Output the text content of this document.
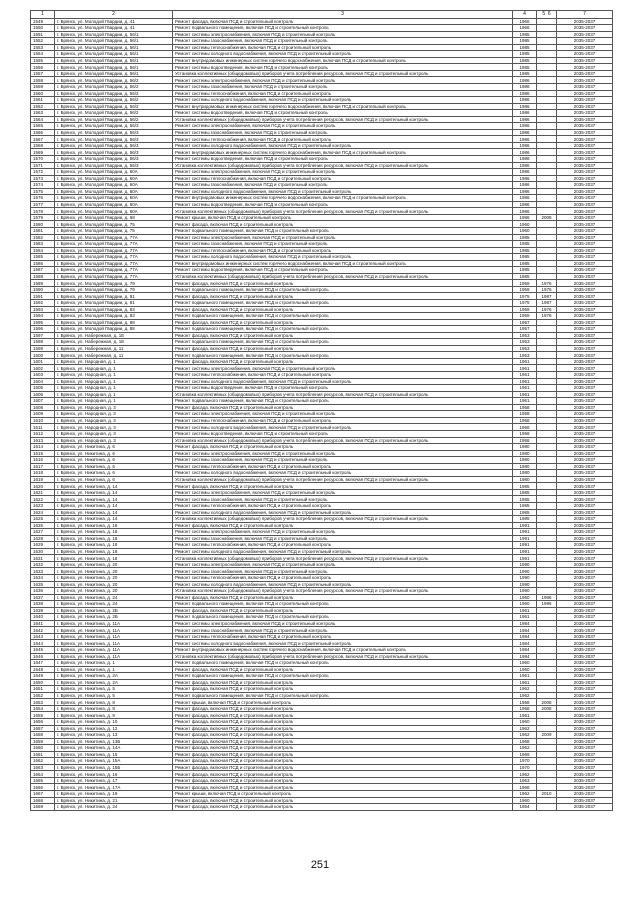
1	2	3	4	5 6	7
1549	г. Брянск, ул. Молодой Гвардии, д. 41	Ремонт фасада, включая ПСД и строительный контроль	1966		2035-2037
1550	г. Брянск, ул. Молодой Гвардии, д. 41	Ремонт подвального помещения, включая ПСД и строительный контроль	1966		2035-2037
1551	г. Брянск, ул. Молодой Гвардии, д. 56/1	Ремонт системы электроснабжения, включая ПСД и строительный контроль	1985		2035-2037
1552	г. Брянск, ул. Молодой Гвардии, д. 56/1	Ремонт системы газоснабжения, включая ПСД и строительный контроль	1985		2035-2037
1553	г. Брянск, ул. Молодой Гвардии, д. 56/1	Ремонт системы теплоснабжения, включая ПСД и строительный контроль	1985		2035-2037
1554	г. Брянск, ул. Молодой Гвардии, д. 56/1	Ремонт системы холодного водоснабжения, включая ПСД и строительный контроль	1985		2035-2037
1555	г. Брянск, ул. Молодой Гвардии, д. 56/1	Ремонт внутридомовых инженерных систем горячего водоснабжения, включая ПСД и строительный контроль	1985		2035-2037
1556	г. Брянск, ул. Молодой Гвардии, д. 56/1	Ремонт системы водоотведения, включая ПСД и строительный контроль	1985		2035-2037
1557	г. Брянск, ул. Молодой Гвардии, д. 56/1	Установка коллективных (общедомовых) приборов учета потребления ресурсов, включая ПСД и строительный контроль	1985		2035-2037
1558	г. Брянск, ул. Молодой Гвардии, д. 56/2	Ремонт системы электроснабжения, включая ПСД и строительный контроль	1986		2035-2037
1559	г. Брянск, ул. Молодой Гвардии, д. 56/2	Ремонт системы газоснабжения, включая ПСД и строительный контроль	1986		2035-2037
1560	г. Брянск, ул. Молодой Гвардии, д. 56/2	Ремонт системы теплоснабжения, включая ПСД и строительный контроль	1986		2035-2037
1561	г. Брянск, ул. Молодой Гвардии, д. 56/2	Ремонт системы холодного водоснабжения, включая ПСД и строительный контроль	1986		2035-2037
1562	г. Брянск, ул. Молодой Гвардии, д. 56/2	Ремонт внутридомовых инженерных систем горячего водоснабжения, включая ПСД и строительный контроль	1986		2035-2037
1563	г. Брянск, ул. Молодой Гвардии, д. 56/2	Ремонт системы водоотведения, включая ПСД и строительный контроль	1986		2035-2037
1564	г. Брянск, ул. Молодой Гвардии, д. 56/2	Установка коллективных (общедомовых) приборов учета потребления ресурсов, включая ПСД и строительный контроль	1986		2035-2037
1565	г. Брянск, ул. Молодой Гвардии, д. 56/3	Ремонт системы электроснабжения, включая ПСД и строительный контроль	1986		2035-2037
1566	г. Брянск, ул. Молодой Гвардии, д. 56/3	Ремонт системы газоснабжения, включая ПСД и строительный контроль	1986		2035-2037
1567	г. Брянск, ул. Молодой Гвардии, д. 56/3	Ремонт системы теплоснабжения, включая ПСД и строительный контроль	1986		2035-2037
1568	г. Брянск, ул. Молодой Гвардии, д. 56/3	Ремонт системы холодного водоснабжения, включая ПСД и строительный контроль	1986		2035-2037
1569	г. Брянск, ул. Молодой Гвардии, д. 56/3	Ремонт внутридомовых инженерных систем горячего водоснабжения, включая ПСД и строительный контроль	1986		2035-2037
1570	г. Брянск, ул. Молодой Гвардии, д. 56/3	Ремонт системы водоотведения, включая ПСД и строительный контроль	1986		2035-2037
1571	г. Брянск, ул. Молодой Гвардии, д. 56/3	Установка коллективных (общедомовых) приборов учета потребления ресурсов, включая ПСД и строительный контроль	1986		2035-2037
1572	г. Брянск, ул. Молодой Гвардии, д. 60А	Ремонт системы электроснабжения, включая ПСД и строительный контроль	1986		2035-2037
1573	г. Брянск, ул. Молодой Гвардии, д. 60А	Ремонт системы теплоснабжения, включая ПСД и строительный контроль	1986		2035-2037
1574	г. Брянск, ул. Молодой Гвардии, д. 60А	Ремонт системы газоснабжения, включая ПСД и строительный контроль	1986		2035-2037
1575	г. Брянск, ул. Молодой Гвардии, д. 60А	Ремонт системы холодного водоснабжения, включая ПСД и строительный контроль	1986		2035-2037
1576	г. Брянск, ул. Молодой Гвардии, д. 60А	Ремонт внутридомовых инженерных систем горячего водоснабжения, включая ПСД и строительный контроль	1986		2035-2037
1577	г. Брянск, ул. Молодой Гвардии, д. 60А	Ремонт системы водоотведения, включая ПСД и строительный контроль	1986		2035-2037
1578	г. Брянск, ул. Молодой Гвардии, д. 60А	Установка коллективных (общедомовых) приборов учета потребления ресурсов, включая ПСД и строительный контроль	1986		2035-2037
1579	г. Брянск, ул. Молодой Гвардии, д. 68	Ремонт крыши, включая ПСД и строительный контроль	1986	2008	2035-2037
1580	г. Брянск, ул. Молодой Гвардии, д. 75	Ремонт фасада, включая ПСД и строительный контроль	1960		2035-2037
1581	г. Брянск, ул. Молодой Гвардии, д. 75	Ремонт подвального помещения, включая ПСД и строительный контроль	1960		2035-2037
1582	г. Брянск, ул. Молодой Гвардии, д. 77А	Ремонт системы электроснабжения, включая ПСД и строительный контроль	1985		2035-2037
1583	г. Брянск, ул. Молодой Гвардии, д. 77А	Ремонт системы газоснабжения, включая ПСД и строительный контроль	1985		2035-2037
1584	г. Брянск, ул. Молодой Гвардии, д. 77А	Ремонт системы теплоснабжения, включая ПСД и строительный контроль	1985		2035-2037
1585	г. Брянск, ул. Молодой Гвардии, д. 77А	Ремонт системы холодного водоснабжения, включая ПСД и строительный контроль	1985		2035-2037
1586	г. Брянск, ул. Молодой Гвардии, д. 77А	Ремонт внутридомовых инженерных систем горячего водоснабжения, включая ПСД и строительный контроль	1985		2035-2037
1587	г. Брянск, ул. Молодой Гвардии, д. 77А	Ремонт системы водоотведения, включая ПСД и строительный контроль	1985		2035-2037
1588	г. Брянск, ул. Молодой Гвардии, д. 77А	Установка коллективных (общедомовых) приборов учета потребления ресурсов, включая ПСД и строительный контроль	1985		2035-2037
1589	г. Брянск, ул. Молодой Гвардии, д. 79	Ремонт фасада, включая ПСД и строительный контроль	1959	1976	2035-2037
1590	г. Брянск, ул. Молодой Гвардии, д. 79	Ремонт подвального помещения, включая ПСД и строительный контроль	1959	1976	2035-2037
1591	г. Брянск, ул. Молодой Гвардии, д. 81	Ремонт фасада, включая ПСД и строительный контроль	1975	1987	2035-2037
1592	г. Брянск, ул. Молодой Гвардии, д. 81	Ремонт подвального помещения, включая ПСД и строительный контроль	1975	1987	2035-2037
1593	г. Брянск, ул. Молодой Гвардии, д. 83	Ремонт фасада, включая ПСД и строительный контроль	1959	1976	2035-2037
1594	г. Брянск, ул. Молодой Гвардии, д. 83	Ремонт подвального помещения, включая ПСД и строительный контроль	1959	1976	2035-2037
1595	г. Брянск, ул. Молодой Гвардии, д. 88	Ремонт фасада, включая ПСД и строительный контроль	1957		2035-2037
1596	г. Брянск, ул. Молодой Гвардии, д. 88	Ремонт подвального помещения, включая ПСД и строительный контроль	1957		2035-2037
1597	г. Брянск, ул. Набережная, д. 1Е	Ремонт фасада, включая ПСД и строительный контроль	1953		2035-2037
1598	г. Брянск, ул. Набережная, д. 1Е	Ремонт подвального помещения, включая ПСД и строительный контроль	1953		2035-2037
1599	г. Брянск, ул. Набережная, д. 11	Ремонт фасада, включая ПСД и строительный контроль	1953		2035-2037
1600	г. Брянск, ул. Набережная, д. 11	Ремонт подвального помещения, включая ПСД и строительный контроль	1953		2035-2037
1601	г. Брянск, ул. Народная, д. 1	Ремонт фасада, включая ПСД и строительный контроль	1961		2035-2037
1602	г. Брянск, ул. Народная, д. 1	Ремонт системы электроснабжения, включая ПСД и строительный контроль	1961		2035-2037
1603	г. Брянск, ул. Народная, д. 1	Ремонт системы теплоснабжения, включая ПСД и строительный контроль	1961		2035-2037
1604	г. Брянск, ул. Народная, д. 1	Ремонт системы холодного водоснабжения, включая ПСД и строительный контроль	1961		2035-2037
1605	г. Брянск, ул. Народная, д. 1	Ремонт системы водоотведения, включая ПСД и строительный контроль	1961		2035-2037
1606	г. Брянск, ул. Народная, д. 1	Установка коллективных (общедомовых) приборов учета потребления ресурсов, включая ПСД и строительный контроль	1961		2035-2037
1607	г. Брянск, ул. Народная, д. 1	Ремонт подвального помещения, включая ПСД и строительный контроль	1961		2035-2037
1608	г. Брянск, ул. Народная, д. 3	Ремонт фасада, включая ПСД и строительный контроль	1958		2035-2037
1609	г. Брянск, ул. Народная, д. 3	Ремонт системы электроснабжения, включая ПСД и строительный контроль	1958		2035-2037
1610	г. Брянск, ул. Народная, д. 3	Ремонт системы теплоснабжения, включая ПСД и строительный контроль	1958		2035-2037
1611	г. Брянск, ул. Народная, д. 3	Ремонт системы холодного водоснабжения, включая ПСД и строительный контроль	1958		2035-2037
1612	г. Брянск, ул. Народная, д. 3	Ремонт системы водоотведения, включая ПСД и строительный контроль	1958		2035-2037
1613	г. Брянск, ул. Народная, д. 3	Установка коллективных (общедомовых) приборов учета потребления ресурсов, включая ПСД и строительный контроль	1958		2035-2037
1614	г. Брянск, ул. Никитина, д. 6	Ремонт фасада, включая ПСД и строительный контроль	1980		2035-2037
1615	г. Брянск, ул. Никитина, д. 6	Ремонт системы электроснабжения, включая ПСД и строительный контроль	1980		2035-2037
1616	г. Брянск, ул. Никитина, д. 6	Ремонт системы газоснабжения, включая ПСД и строительный контроль	1980		2035-2037
1617	г. Брянск, ул. Никитина, д. 6	Ремонт системы теплоснабжения, включая ПСД и строительный контроль	1980		2035-2037
1618	г. Брянск, ул. Никитина, д. 6	Ремонт системы холодного водоснабжения, включая ПСД и строительный контроль	1980		2035-2037
1619	г. Брянск, ул. Никитина, д. 6	Установка коллективных (общедомовых) приборов учета потребления ресурсов, включая ПСД и строительный контроль	1980		2035-2037
1620	г. Брянск, ул. Никитина, д. 14	Ремонт фасада, включая ПСД и строительный контроль	1985		2035-2037
1621	г. Брянск, ул. Никитина, д. 14	Ремонт системы электроснабжения, включая ПСД и строительный контроль	1985		2035-2037
1622	г. Брянск, ул. Никитина, д. 14	Ремонт системы газоснабжения, включая ПСД и строительный контроль	1985		2035-2037
1623	г. Брянск, ул. Никитина, д. 14	Ремонт системы теплоснабжения, включая ПСД и строительный контроль	1985		2035-2037
1624	г. Брянск, ул. Никитина, д. 14	Ремонт системы холодного водоснабжения, включая ПСД и строительный контроль	1985		2035-2037
1625	г. Брянск, ул. Никитина, д. 14	Установка коллективных (общедомовых) приборов учета потребления ресурсов, включая ПСД и строительный контроль	1985		2035-2037
1626	г. Брянск, ул. Никитина, д. 18	Ремонт фасада, включая ПСД и строительный контроль	1991		2035-2037
1627	г. Брянск, ул. Никитина, д. 18	Ремонт системы электроснабжения, включая ПСД и строительный контроль	1991		2035-2037
1628	г. Брянск, ул. Никитина, д. 18	Ремонт системы газоснабжения, включая ПСД и строительный контроль	1991		2035-2037
1629	г. Брянск, ул. Никитина, д. 18	Ремонт системы теплоснабжения, включая ПСД и строительный контроль	1991		2035-2037
1630	г. Брянск, ул. Никитина, д. 18	Ремонт системы холодного водоснабжения, включая ПСД и строительный контроль	1991		2035-2037
1631	г. Брянск, ул. Никитина, д. 18	Установка коллективных (общедомовых) приборов учета потребления ресурсов, включая ПСД и строительный контроль	1991		2035-2037
1632	г. Брянск, ул. Никитина, д. 20	Ремонт системы электроснабжения, включая ПСД и строительный контроль	1990		2035-2037
1633	г. Брянск, ул. Никитина, д. 20	Ремонт системы газоснабжения, включая ПСД и строительный контроль	1990		2035-2037
1634	г. Брянск, ул. Никитина, д. 20	Ремонт системы теплоснабжения, включая ПСД и строительный контроль	1990		2035-2037
1635	г. Брянск, ул. Никитина, д. 20	Ремонт системы холодного водоснабжения, включая ПСД и строительный контроль	1990		2035-2037
1636	г. Брянск, ул. Никитина, д. 20	Установка коллективных (общедомовых) приборов учета потребления ресурсов, включая ПСД и строительный контроль	1990		2035-2037
1637	г. Брянск, ул. Никитина, д. 24	Ремонт фасада, включая ПСД и строительный контроль	1960	1996	2035-2037
1638	г. Брянск, ул. Никитина, д. 24	Ремонт подвального помещения, включая ПСД и строительный контроль	1960	1996	2035-2037
1639	г. Брянск, ул. Никитина, д. 2Б	Ремонт фасада, включая ПСД и строительный контроль	1961		2035-2037
1640	г. Брянск, ул. Никитина, д. 2Б	Ремонт подвального помещения, включая ПСД и строительный контроль	1961		2035-2037
1641	г. Брянск, ул. Никитина, д. 11А	Ремонт системы электроснабжения, включая ПСД и строительный контроль	1984		2035-2037
1642	г. Брянск, ул. Никитина, д. 11А	Ремонт системы газоснабжения, включая ПСД и строительный контроль	1984		2035-2037
1643	г. Брянск, ул. Никитина, д. 11А	Ремонт системы теплоснабжения, включая ПСД и строительный контроль	1984		2035-2037
1644	г. Брянск, ул. Никитина, д. 11А	Ремонт системы холодного водоснабжения, включая ПСД и строительный контроль	1984		2035-2037
1645	г. Брянск, ул. Никитина, д. 11А	Ремонт внутридомовых инженерных систем горячего водоснабжения, включая ПСД и строительный контроль	1984		2035-2037
1646	г. Брянск, ул. Никитина, д. 11А	Установка коллективных (общедомовых) приборов учета потребления ресурсов, включая ПСД и строительный контроль	1984		2035-2037
1647	г. Брянск, ул. Никитина, д. 1	Ремонт подвального помещения, включая ПСД и строительный контроль	1960		2035-2037
1648	г. Брянск, ул. Никитина, д. 1	Ремонт фасада, включая ПСД и строительный контроль	1960		2035-2037
1649	г. Брянск, ул. Никитина, д. 2А	Ремонт подвального помещения, включая ПСД и строительный контроль	1961		2035-2037
1650	г. Брянск, ул. Никитина, д. 2А	Ремонт фасада, включая ПСД и строительный контроль	1961		2035-2037
1651	г. Брянск, ул. Никитина, д. 5	Ремонт фасада, включая ПСД и строительный контроль	1962		2035-2037
1652	г. Брянск, ул. Никитина, д. 5	Ремонт подвального помещения, включая ПСД и строительный контроль	1962		2035-2037
1653	г. Брянск, ул. Никитина, д. 8	Ремонт крыши, включая ПСД и строительный контроль	1958	2008	2035-2037
1654	г. Брянск, ул. Никитина, д. 8	Ремонт фасада, включая ПСД и строительный контроль	1958	2008	2035-2037
1655	г. Брянск, ул. Никитина, д. 9	Ремонт фасада, включая ПСД и строительный контроль	1961		2035-2037
1656	г. Брянск, ул. Никитина, д. 10	Ремонт фасада, включая ПСД и строительный контроль	1960		2035-2037
1657	г. Брянск, ул. Никитина, д. 12	Ремонт фасада, включая ПСД и строительный контроль	1962		2035-2037
1658	г. Брянск, ул. Никитина, д. 13	Ремонт фасада, включая ПСД и строительный контроль	1962	2009	2035-2037
1659	г. Брянск, ул. Никитина, д. 13Б	Ремонт фасада, включая ПСД и строительный контроль	1968		2035-2037
1660	г. Брянск, ул. Никитина, д. 14А	Ремонт фасада, включая ПСД и строительный контроль	1962		2035-2037
1661	г. Брянск, ул. Никитина, д. 15	Ремонт фасада, включая ПСД и строительный контроль	1969		2035-2037
1662	г. Брянск, ул. Никитина, д. 15А	Ремонт фасада, включая ПСД и строительный контроль	1970		2035-2037
1663	г. Брянск, ул. Никитина, д. 15Б	Ремонт фасада, включая ПСД и строительный контроль	1970		2035-2037
1664	г. Брянск, ул. Никитина, д. 16	Ремонт фасада, включая ПСД и строительный контроль	1962		2035-2037
1665	г. Брянск, ул. Никитина, д. 17	Ремонт фасада, включая ПСД и строительный контроль	1963		2035-2037
1666	г. Брянск, ул. Никитина, д. 17А	Ремонт фасада, включая ПСД и строительный контроль	1968		2035-2037
1667	г. Брянск, ул. Никитина, д. 19	Ремонт крыши, включая ПСД и строительный контроль	1962	2010	2035-2037
1668	г. Брянск, ул. Никитина, д. 21	Ремонт фасада, включая ПСД и строительный контроль	1960		2035-2037
1669	г. Брянск, ул. Никитина, д. 24	Ремонт фасада, включая ПСД и строительный контроль	1954		2035-2037
251
